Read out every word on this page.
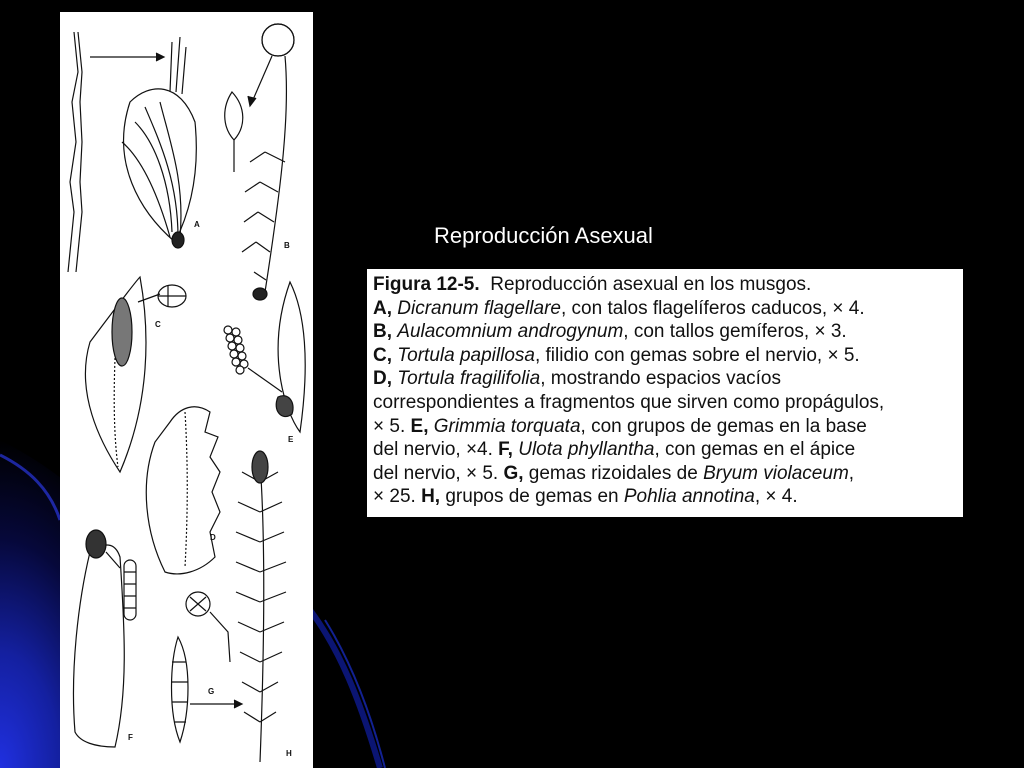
A
B
C
E
D
F
G
H
Reproducción Asexual
Figura 12-5. Reproducción asexual en los musgos.
A, Dicranum flagellare, con talos flagelíferos caducos, × 4.
B, Aulacomnium androgynum, con tallos gemíferos, × 3.
C, Tortula papillosa, filidio con gemas sobre el nervio, × 5.
D, Tortula fragilifolia, mostrando espacios vacíos
correspondientes a fragmentos que sirven como propágulos,
× 5. E, Grimmia torquata, con grupos de gemas en la base
del nervio, ×4. F, Ulota phyllantha, con gemas en el ápice
del nervio, × 5. G, gemas rizoidales de Bryum violaceum,
× 25. H, grupos de gemas en Pohlia annotina, × 4.
